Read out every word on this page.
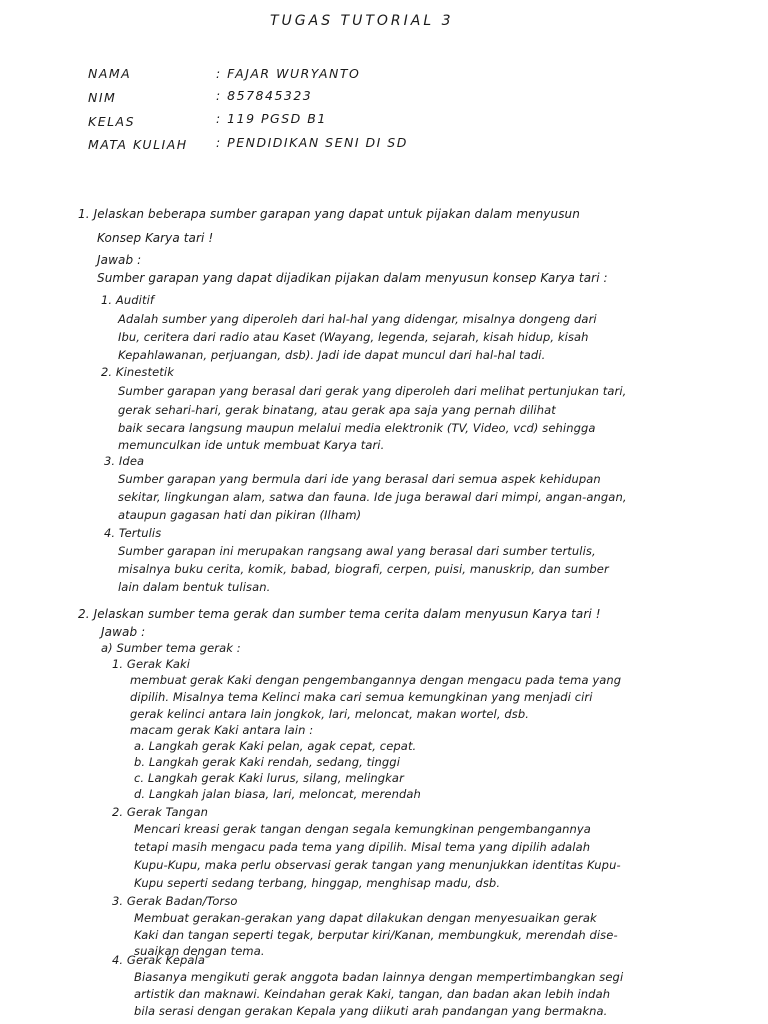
TUGAS TUTORIAL 3
NAMA	: FAJAR WURYANTO
NIM	: 857845323
KELAS	: 119 PGSD B1
MATA KULIAH : PENDIDIKAN SENI DI SD
1. Jelaskan beberapa sumber garapan yang dapat untuk pijakan dalam menyusun
Konsep Karya tari !
Jawab :
Sumber garapan yang dapat dijadikan pijakan dalam menyusun konsep Karya tari :
1. Auditif
Adalah sumber yang diperoleh dari hal-hal yang didengar, misalnya dongeng dari
Ibu, ceritera dari radio atau Kaset (Wayang, legenda, sejarah, kisah hidup, kisah
Kepahlawanan, perjuangan, dsb). Jadi ide dapat muncul dari hal-hal tadi.
2. Kinestetik
Sumber garapan yang berasal dari gerak yang diperoleh dari melihat pertunjukan tari,
gerak sehari-hari, gerak binatang, atau gerak apa saja yang pernah dilihat
baik secara langsung maupun melalui media elektronik (TV, Video, vcd) sehingga
memunculkan ide untuk membuat Karya tari.
3. Idea
Sumber garapan yang bermula dari ide yang berasal dari semua aspek kehidupan
sekitar, lingkungan alam, satwa dan fauna. Ide juga berawal dari mimpi, angan-angan,
ataupun gagasan hati dan pikiran (Ilham)
4. Tertulis
Sumber garapan ini merupakan rangsang awal yang berasal dari sumber tertulis,
misalnya buku cerita, komik, babad, biografi, cerpen, puisi, manuskrip, dan sumber
lain dalam bentuk tulisan.
2. Jelaskan sumber tema gerak dan sumber tema cerita dalam menyusun Karya tari !
Jawab :
a) Sumber tema gerak :
1. Gerak Kaki
membuat gerak Kaki dengan pengembangannya dengan mengacu pada tema yang
dipilih. Misalnya tema Kelinci maka cari semua kemungkinan yang menjadi ciri
gerak kelinci antara lain jongkok, lari, meloncat, makan wortel, dsb.
macam gerak Kaki antara lain :
a. Langkah gerak Kaki pelan, agak cepat, cepat.
b. Langkah gerak Kaki rendah, sedang, tinggi
c. Langkah gerak Kaki lurus, silang, melingkar
d. Langkah jalan biasa, lari, meloncat, merendah
2. Gerak Tangan
Mencari kreasi gerak tangan dengan segala kemungkinan pengembangannya
tetapi masih mengacu pada tema yang dipilih. Misal tema yang dipilih adalah
Kupu-Kupu, maka perlu observasi gerak tangan yang menunjukkan identitas Kupu-
Kupu seperti sedang terbang, hinggap, menghisap madu, dsb.
3. Gerak Badan/Torso
Membuat gerakan-gerakan yang dapat dilakukan dengan menyesuaikan gerak
Kaki dan tangan seperti tegak, berputar kiri/Kanan, membungkuk, merendah dise-
suaikan dengan tema.
4. Gerak Kepala
Biasanya mengikuti gerak anggota badan lainnya dengan mempertimbangkan segi
artistik dan maknawi. Keindahan gerak Kaki, tangan, dan badan akan lebih indah
bila serasi dengan gerakan Kepala yang diikuti arah pandangan yang bermakna.
